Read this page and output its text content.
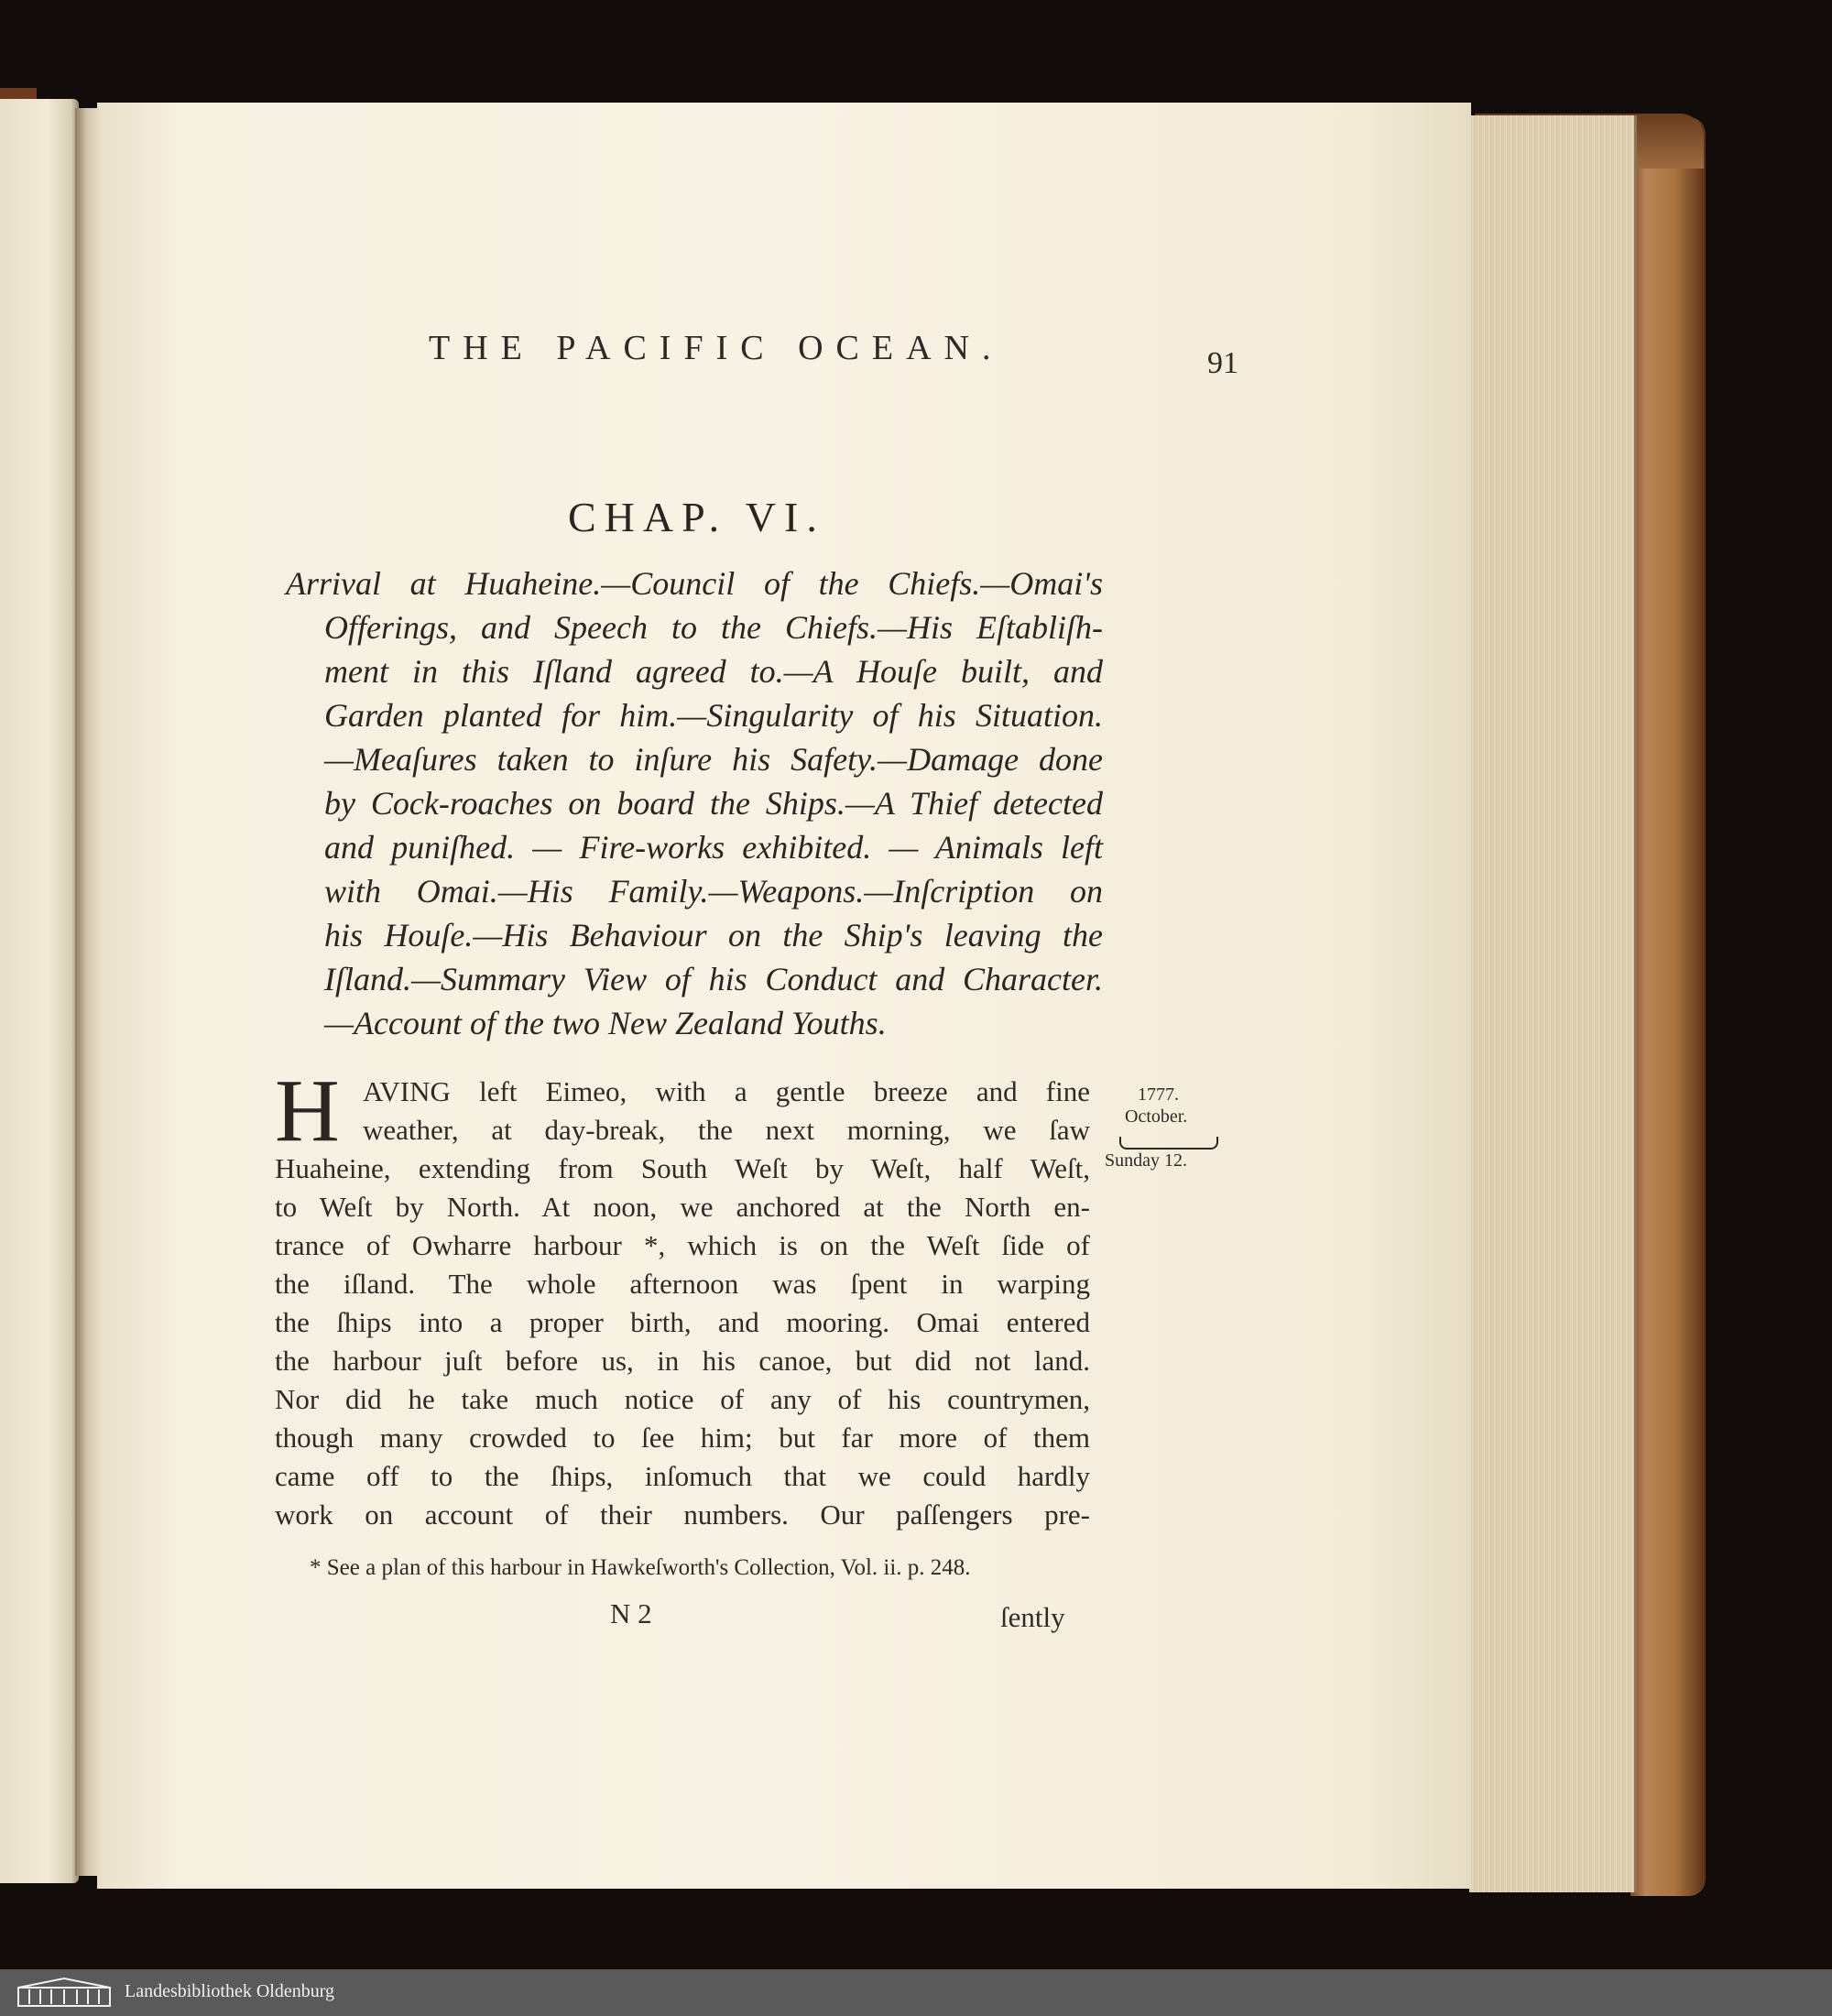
THE PACIFIC OCEAN.	91
CHAP. VI.
Arrival at Huaheine.—Council of the Chiefs.—Omai's
Offerings, and Speech to the Chiefs.—His Eſtabliſh-
ment in this Iſland agreed to.—A Houſe built, and
Garden planted for him.—Singularity of his Situation.
—Meaſures taken to inſure his Safety.—Damage done
by Cock-roaches on board the Ships.—A Thief detected
and puniſhed. — Fire-works exhibited. — Animals left
with Omai.—His Family.—Weapons.—Inſcription on
his Houſe.—His Behaviour on the Ship's leaving the
Iſland.—Summary View of his Conduct and Character.
—Account of the two New Zealand Youths.
H AVING left Eimeo, with a gentle breeze and fine
weather, at day-break, the next morning, we ſaw
Huaheine, extending from South Weſt by Weſt, half Weſt,
to Weſt by North. At noon, we anchored at the North en-
trance of Owharre harbour *, which is on the Weſt ſide of
the iſland. The whole afternoon was ſpent in warping
the ſhips into a proper birth, and mooring. Omai entered
the harbour juſt before us, in his canoe, but did not land.
Nor did he take much notice of any of his countrymen,
though many crowded to ſee him; but far more of them
came off to the ſhips, inſomuch that we could hardly
work on account of their numbers. Our paſſengers pre-
1777.
October.
Sunday 12.
* See a plan of this harbour in Hawkeſworth's Collection, Vol. ii. p. 248.
N 2	ſently
Landesbibliothek Oldenburg
